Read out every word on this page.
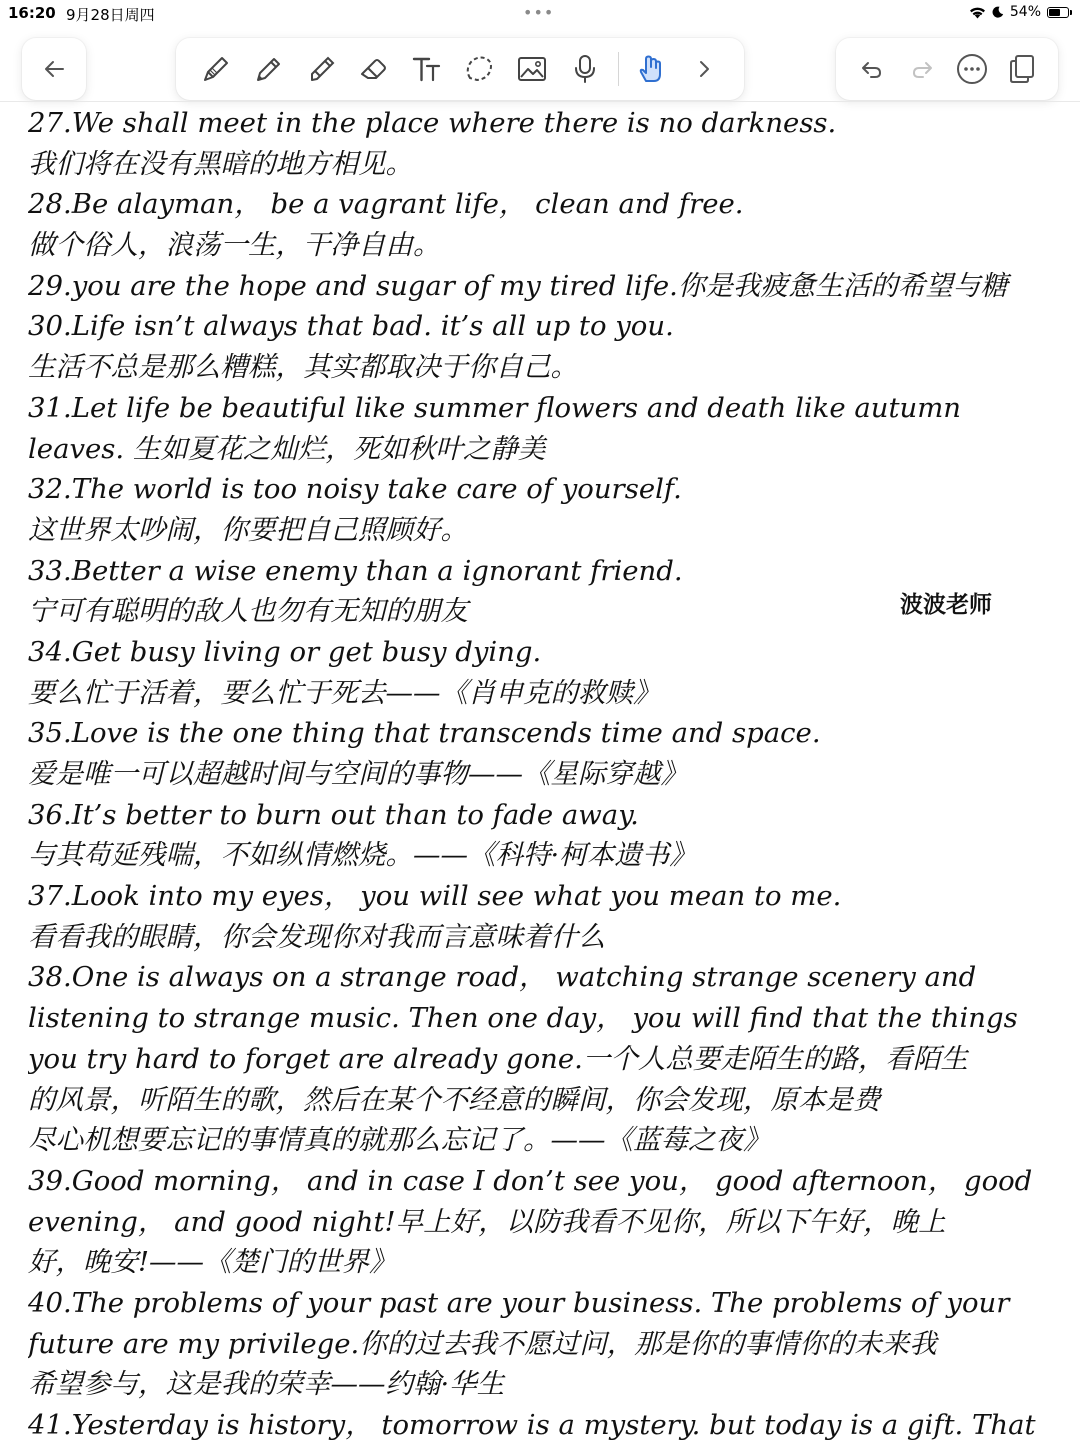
16:20 9月28日周四	•••	54%
27.We shall meet in the place where there is no darkness.
我们将在没有黑暗的地方相见。
28.Be alayman， be a vagrant life， clean and free.
做个俗人，浪荡一生，干净自由。
29.you are the hope and sugar of my tired life.你是我疲惫生活的希望与糖
30.Life isn’t always that bad. it’s all up to you.
生活不总是那么糟糕，其实都取决于你自己。
31.Let life be beautiful like summer flowers and death like autumn
leaves. 生如夏花之灿烂，死如秋叶之静美
32.The world is too noisy take care of yourself.
这世界太吵闹，你要把自己照顾好。
33.Better a wise enemy than a ignorant friend.
宁可有聪明的敌人也勿有无知的朋友
34.Get busy living or get busy dying.
要么忙于活着，要么忙于死去——《肖申克的救赎》
35.Love is the one thing that transcends time and space.
爱是唯一可以超越时间与空间的事物——《星际穿越》
36.It’s better to burn out than to fade away.
与其苟延残喘，不如纵情燃烧。——《科特·柯本遗书》
37.Look into my eyes， you will see what you mean to me.
看看我的眼睛，你会发现你对我而言意味着什么
38.One is always on a strange road， watching strange scenery and
listening to strange music. Then one day， you will find that the things
you try hard to forget are already gone.一个人总要走陌生的路，看陌生
的风景，听陌生的歌，然后在某个不经意的瞬间，你会发现，原本是费
尽心机想要忘记的事情真的就那么忘记了。——《蓝莓之夜》
39.Good morning， and in case I don’t see you， good afternoon， good
evening， and good night!早上好，以防我看不见你，所以下午好，晚上
好，晚安!——《楚门的世界》
40.The problems of your past are your business. The problems of your
future are my privilege.你的过去我不愿过问，那是你的事情你的未来我
希望参与，这是我的荣幸——约翰·华生
41.Yesterday is history， tomorrow is a mystery. but today is a gift. That
波波老师
